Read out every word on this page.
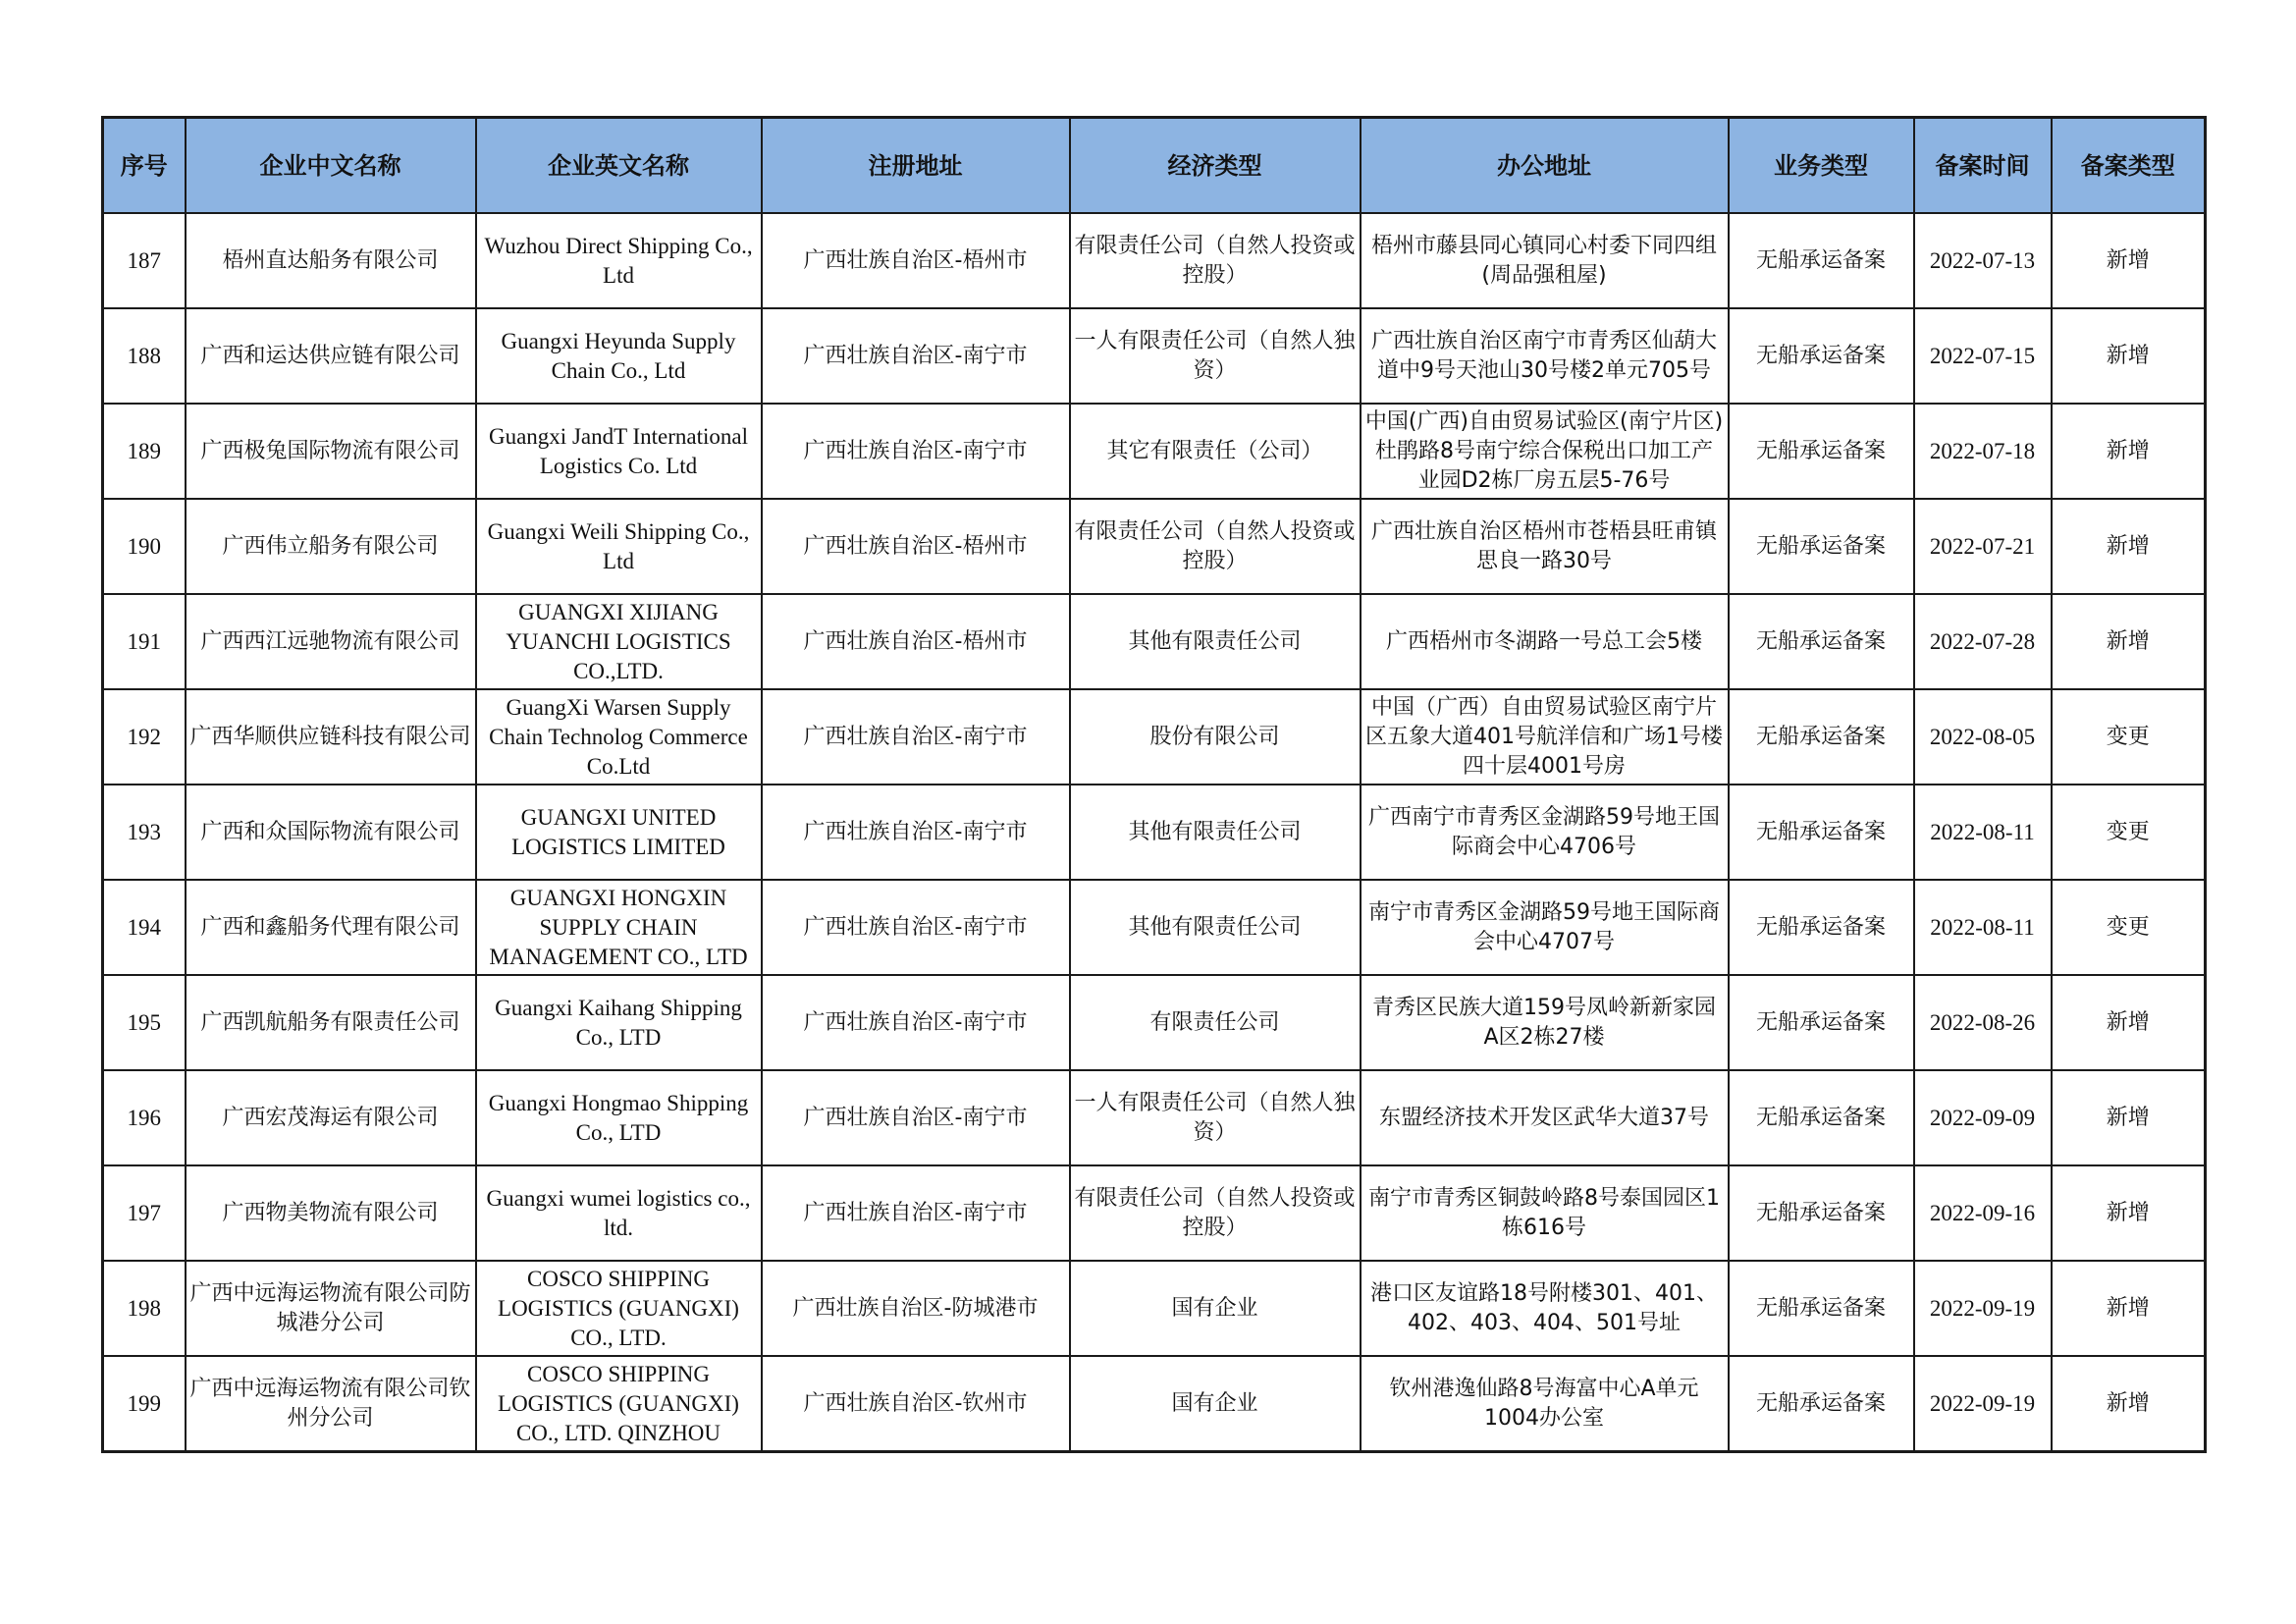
序号	企业中文名称	企业英文名称	注册地址	经济类型	办公地址	业务类型	备案时间	备案类型
187	梧州直达船务有限公司	Wuzhou Direct Shipping Co., Ltd	广西壮族自治区-梧州市	有限责任公司（自然人投资或控股）	梧州市藤县同心镇同心村委下同四组(周品强租屋)	无船承运备案	2022-07-13	新增
188	广西和运达供应链有限公司	Guangxi Heyunda Supply Chain Co., Ltd	广西壮族自治区-南宁市	一人有限责任公司（自然人独资）	广西壮族自治区南宁市青秀区仙葫大道中9号天池山30号楼2单元705号	无船承运备案	2022-07-15	新增
189	广西极兔国际物流有限公司	Guangxi JandT International Logistics Co. Ltd	广西壮族自治区-南宁市	其它有限责任（公司）	中国(广西)自由贸易试验区(南宁片区)杜鹃路8号南宁综合保税出口加工产业园D2栋厂房五层5-76号	无船承运备案	2022-07-18	新增
190	广西伟立船务有限公司	Guangxi Weili Shipping Co., Ltd	广西壮族自治区-梧州市	有限责任公司（自然人投资或控股）	广西壮族自治区梧州市苍梧县旺甫镇思良一路30号	无船承运备案	2022-07-21	新增
191	广西西江远驰物流有限公司	GUANGXI XIJIANG YUANCHI LOGISTICS CO.,LTD.	广西壮族自治区-梧州市	其他有限责任公司	广西梧州市冬湖路一号总工会5楼	无船承运备案	2022-07-28	新增
192	广西华顺供应链科技有限公司	GuangXi Warsen Supply Chain Technolog Commerce Co.Ltd	广西壮族自治区-南宁市	股份有限公司	中国（广西）自由贸易试验区南宁片区五象大道401号航洋信和广场1号楼四十层4001号房	无船承运备案	2022-08-05	变更
193	广西和众国际物流有限公司	GUANGXI UNITED LOGISTICS LIMITED	广西壮族自治区-南宁市	其他有限责任公司	广西南宁市青秀区金湖路59号地王国际商会中心4706号	无船承运备案	2022-08-11	变更
194	广西和鑫船务代理有限公司	GUANGXI HONGXIN SUPPLY CHAIN MANAGEMENT CO., LTD	广西壮族自治区-南宁市	其他有限责任公司	南宁市青秀区金湖路59号地王国际商会中心4707号	无船承运备案	2022-08-11	变更
195	广西凯航船务有限责任公司	Guangxi Kaihang Shipping Co., LTD	广西壮族自治区-南宁市	有限责任公司	青秀区民族大道159号凤岭新新家园A区2栋27楼	无船承运备案	2022-08-26	新增
196	广西宏茂海运有限公司	Guangxi Hongmao Shipping Co., LTD	广西壮族自治区-南宁市	一人有限责任公司（自然人独资）	东盟经济技术开发区武华大道37号	无船承运备案	2022-09-09	新增
197	广西物美物流有限公司	Guangxi wumei logistics co., ltd.	广西壮族自治区-南宁市	有限责任公司（自然人投资或控股）	南宁市青秀区铜鼓岭路8号泰国园区1栋616号	无船承运备案	2022-09-16	新增
198	广西中远海运物流有限公司防城港分公司	COSCO SHIPPING LOGISTICS (GUANGXI) CO., LTD.	广西壮族自治区-防城港市	国有企业	港口区友谊路18号附楼301、401、402、403、404、501号址	无船承运备案	2022-09-19	新增
199	广西中远海运物流有限公司钦州分公司	COSCO SHIPPING LOGISTICS (GUANGXI) CO., LTD. QINZHOU	广西壮族自治区-钦州市	国有企业	钦州港逸仙路8号海富中心A单元1004办公室	无船承运备案	2022-09-19	新增
